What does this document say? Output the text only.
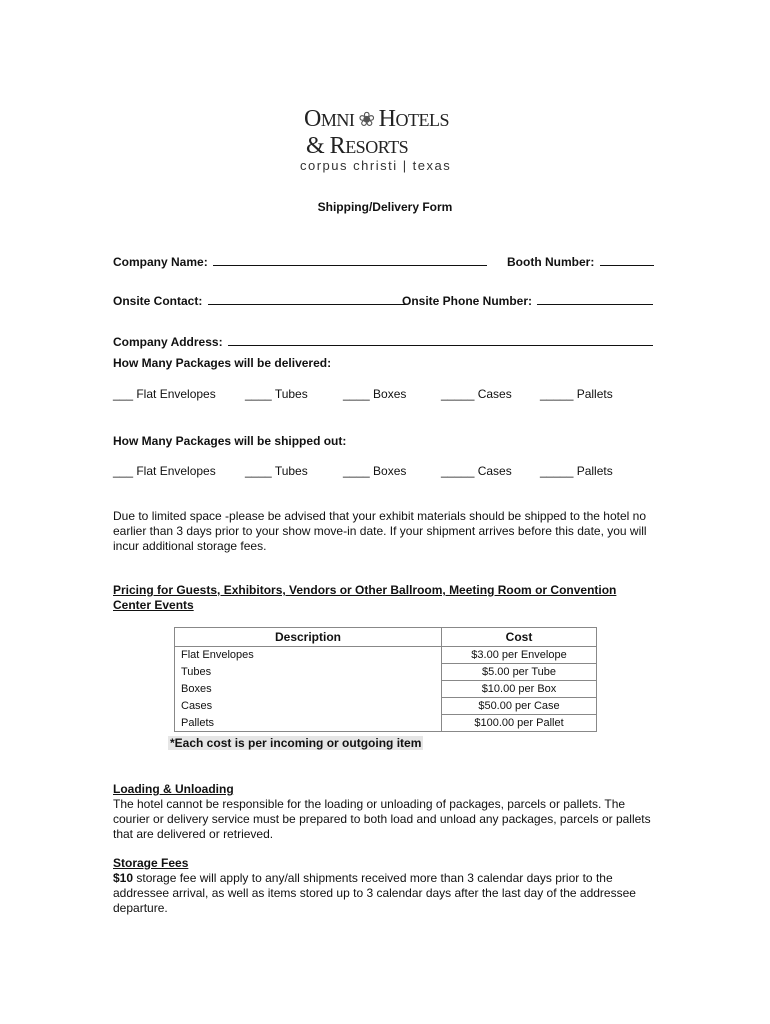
OMNI ❀ HOTELS
& RESORTS
corpus christi | texas
Shipping/Delivery Form
Company Name:	Booth Number:
Onsite Contact:	Onsite Phone Number:
Company Address:
How Many Packages will be delivered:
___ Flat Envelopes ____ Tubes	____ Boxes	_____ Cases _____ Pallets
How Many Packages will be shipped out:
___ Flat Envelopes ____ Tubes	____ Boxes	_____ Cases _____ Pallets
Due to limited space -please be advised that your exhibit materials should be shipped to the hotel no earlier than 3 days prior to your show move-in date. If your shipment arrives before this date, you will incur additional storage fees.
Pricing for Guests, Exhibitors, Vendors or Other Ballroom, Meeting Room or Convention Center Events
Description	Cost
Flat Envelopes	$3.00 per Envelope
Tubes	$5.00 per Tube
Boxes	$10.00 per Box
Cases	$50.00 per Case
Pallets	$100.00 per Pallet
*Each cost is per incoming or outgoing item
Loading & Unloading
The hotel cannot be responsible for the loading or unloading of packages, parcels or pallets. The courier or delivery service must be prepared to both load and unload any packages, parcels or pallets that are delivered or retrieved.
Storage Fees
$10 storage fee will apply to any/all shipments received more than 3 calendar days prior to the addressee arrival, as well as items stored up to 3 calendar days after the last day of the addressee departure.
